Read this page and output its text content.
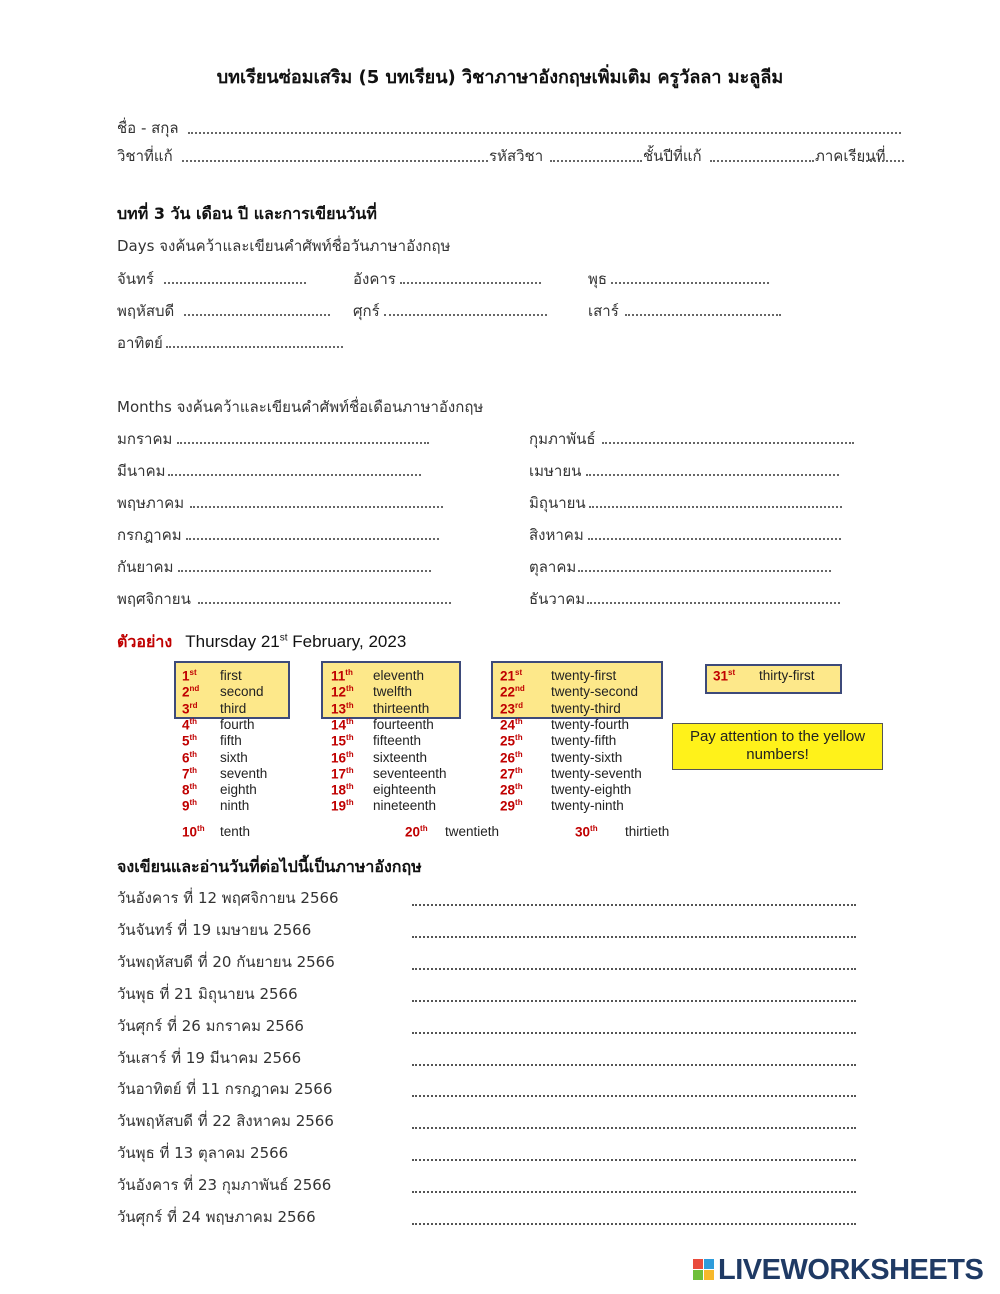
บทเรียนซ่อมเสริม (5 บทเรียน) วิชาภาษาอังกฤษเพิ่มเติม ครูวัลลา มะลูลีม
ชื่อ - สกุล
วิชาที่แก้	รหัสวิชา	ชั้นปีที่แก้	ภาคเรียนที่
บทที่ 3 วัน เดือน ปี และการเขียนวันที่
Days จงค้นคว้าและเขียนคำศัพท์ชื่อวันภาษาอังกฤษ
จันทร์	อังคาร	พุธ
พฤหัสบดี	ศุกร์	เสาร์
อาทิตย์
Months จงค้นคว้าและเขียนคำศัพท์ชื่อเดือนภาษาอังกฤษ
มกราคม	กุมภาพันธ์
มีนาคม	เมษายน
พฤษภาคม	มิถุนายน
กรกฎาคม	สิงหาคม
กันยาคม	ตุลาคม
พฤศจิกายน	ธันวาคม
ตัวอย่าง Thursday 21st February, 2023
1st first
2nd second
3rd third
4th fourth
5th fifth
6th sixth
7th seventh
8th eighth
9th ninth
11th eleventh
12th twelfth
13th thirteenth
14th fourteenth
15th fifteenth
16th sixteenth
17th seventeenth
18th eighteenth
19th nineteenth
21st twenty-first
22nd twenty-second
23rd twenty-third
24th twenty-fourth
25th twenty-fifth
26th twenty-sixth
27th twenty-seventh
28th twenty-eighth
29th twenty-ninth
31st thirty-first
10th tenth	20th twentieth	30th thirtieth
Pay attention to the yellow numbers!
จงเขียนและอ่านวันที่ต่อไปนี้เป็นภาษาอังกฤษ
วันอังคาร ที่ 12 พฤศจิกายน 2566
วันจันทร์ ที่ 19 เมษายน 2566
วันพฤหัสบดี ที่ 20 กันยายน 2566
วันพุธ ที่ 21 มิถุนายน 2566
วันศุกร์ ที่ 26 มกราคม 2566
วันเสาร์ ที่ 19 มีนาคม 2566
วันอาทิตย์ ที่ 11 กรกฎาคม 2566
วันพฤหัสบดี ที่ 22 สิงหาคม 2566
วันพุธ ที่ 13 ตุลาคม 2566
วันอังคาร ที่ 23 กุมภาพันธ์ 2566
วันศุกร์ ที่ 24 พฤษภาคม 2566
LIVEWORKSHEETS
